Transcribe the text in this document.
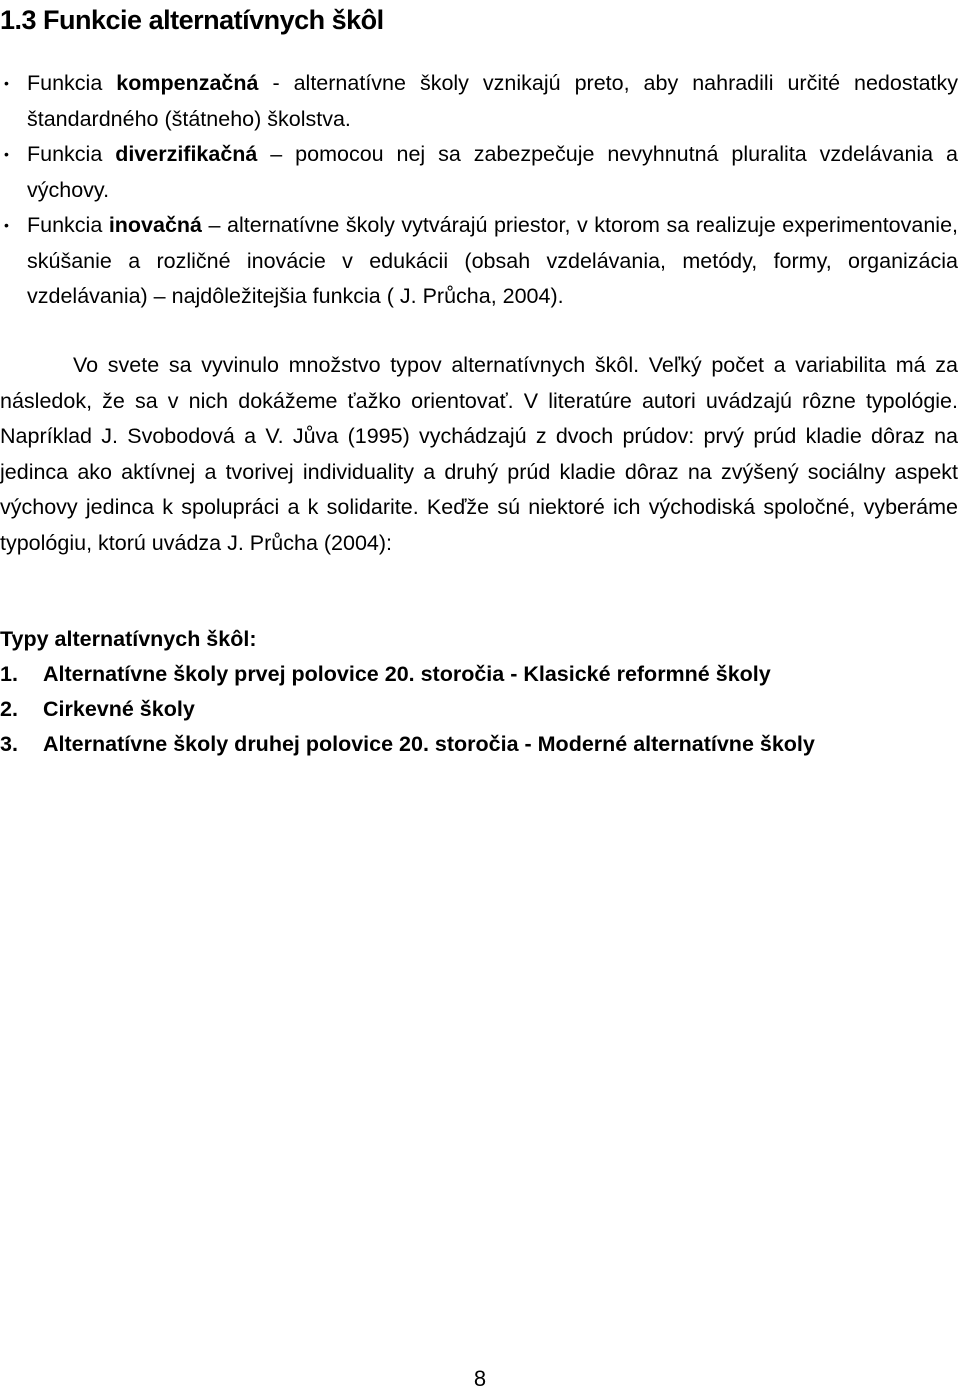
1.3 Funkcie alternatívnych škôl
• Funkcia kompenzačná - alternatívne školy vznikajú preto, aby nahradili určité nedostatky štandardného (štátneho) školstva.
• Funkcia diverzifikačná – pomocou nej sa zabezpečuje nevyhnutná pluralita vzdelávania a výchovy.
• Funkcia inovačná – alternatívne školy vytvárajú priestor, v ktorom sa realizuje experimentovanie, skúšanie a rozličné inovácie v edukácii (obsah vzdelávania, metódy, formy, organizácia vzdelávania) – najdôležitejšia funkcia ( J. Průcha, 2004).

Vo svete sa vyvinulo množstvo typov alternatívnych škôl. Veľký počet a variabilita má za následok, že sa v nich dokážeme ťažko orientovať. V literatúre autori uvádzajú rôzne typológie. Napríklad J. Svobodová a V. Jůva (1995) vychádzajú z dvoch prúdov: prvý prúd kladie dôraz na jedinca ako aktívnej a tvorivej individuality a druhý prúd kladie dôraz na zvýšený sociálny aspekt výchovy jedinca k spolupráci a k solidarite. Keďže sú niektoré ich východiská spoločné, vyberáme typológiu, ktorú uvádza J. Průcha (2004):

Typy alternatívnych škôl:

1. Alternatívne školy prvej polovice 20. storočia - Klasické reformné školy
2. Cirkevné školy
3. Alternatívne školy druhej polovice 20. storočia - Moderné alternatívne školy
8
